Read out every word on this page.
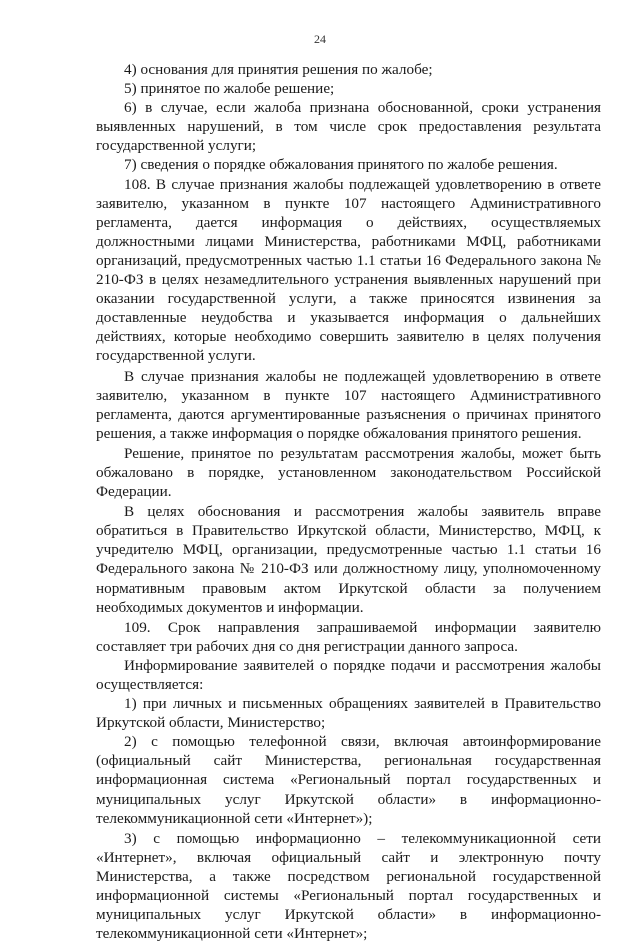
24

4) основания для принятия решения по жалобе;

5) принятое по жалобе решение;

6) в случае, если жалоба признана обоснованной, сроки устранения выявленных нарушений, в том числе срок предоставления результата государственной услуги;

7) сведения о порядке обжалования принятого по жалобе решения.

108. В случае признания жалобы подлежащей удовлетворению в ответе заявителю, указанном в пункте 107 настоящего Административного регламента, дается информация о действиях, осуществляемых должностными лицами Министерства, работниками МФЦ, работниками организаций, предусмотренных частью 1.1 статьи 16 Федерального закона № 210-ФЗ в целях незамедлительного устранения выявленных нарушений при оказании государственной услуги, а также приносятся извинения за доставленные неудобства и указывается информация о дальнейших действиях, которые необходимо совершить заявителю в целях получения государственной услуги.

В случае признания жалобы не подлежащей удовлетворению в ответе заявителю, указанном в пункте 107 настоящего Административного регламента, даются аргументированные разъяснения о причинах принятого решения, а также информация о порядке обжалования принятого решения.

Решение, принятое по результатам рассмотрения жалобы, может быть обжаловано в порядке, установленном законодательством Российской Федерации.

В целях обоснования и рассмотрения жалобы заявитель вправе обратиться в Правительство Иркутской области, Министерство, МФЦ, к учредителю МФЦ, организации, предусмотренные частью 1.1 статьи 16 Федерального закона № 210-ФЗ или должностному лицу, уполномоченному нормативным правовым актом Иркутской области за получением необходимых документов и информации.

109. Срок направления запрашиваемой информации заявителю составляет три рабочих дня со дня регистрации данного запроса.

Информирование заявителей о порядке подачи и рассмотрения жалобы осуществляется:

1) при личных и письменных обращениях заявителей в Правительство Иркутской области, Министерство;

2) с помощью телефонной связи, включая автоинформирование (официальный сайт Министерства, региональная государственная информационная система «Региональный портал государственных и муниципальных услуг Иркутской области» в информационно-телекоммуникационной сети «Интернет»);

3) с помощью информационно – телекоммуникационной сети «Интернет», включая официальный сайт и электронную почту Министерства, а также посредством региональной государственной информационной системы «Региональный портал государственных и муниципальных услуг Иркутской области» в информационно-телекоммуникационной сети «Интернет»;
